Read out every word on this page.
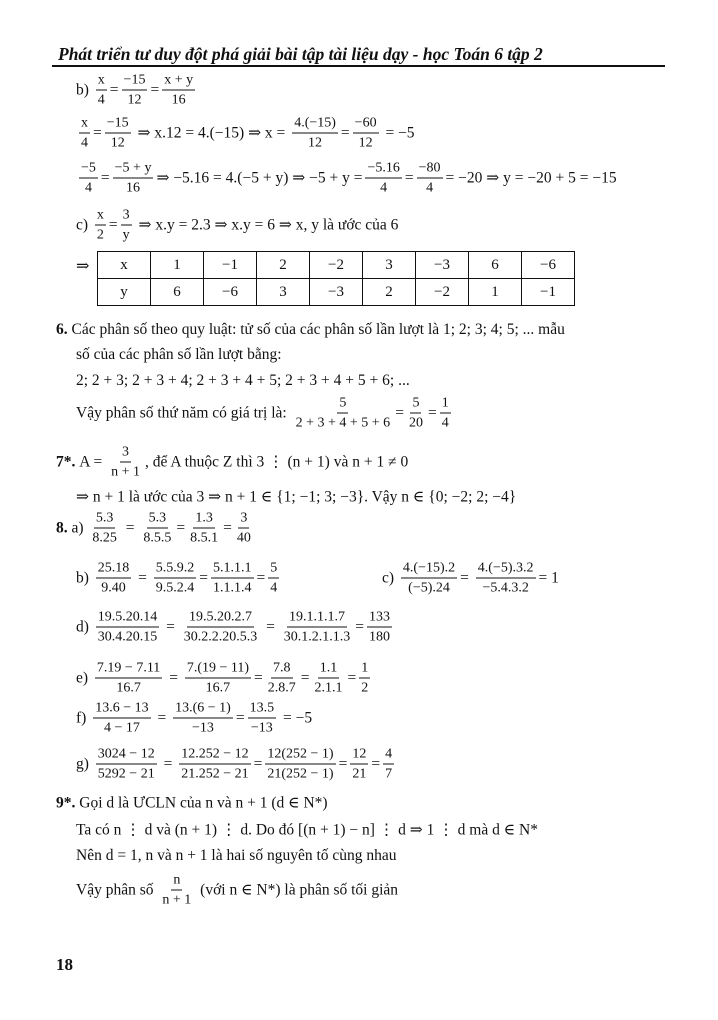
Phát triển tư duy đột phá giải bài tập tài liệu dạy - học Toán 6 tập 2
$b) \frac{x}{4} = \frac{-15}{12} = \frac{x + y}{16}$
$\frac{x}{4} = \frac{-15}{12}$ ⇒ x.12 = 4.(−15) ⇒ $x = \frac{4.(-15)}{12} = \frac{-60}{12} = -5$
$\frac{-5}{4} = \frac{-5 + y}{16}$ ⇒ −5.16 = 4.(−5 + y) ⇒ $-5 + y = \frac{-5.16}{4} = \frac{-80}{4} = -20$ ⇒ y = −20 + 5 = −15
$c) \frac{x}{2} = \frac{3}{y}$ ⇒ x.y = 2.3 ⇒ x.y = 6 ⇒ x, y là ước của 6
6. Các phân số theo quy luật: tử số của các phân số lần lượt là 1; 2; 3; 4; 5; ... mẫu
số của các phân số lần lượt bằng:
2; 2 + 3; 2 + 3 + 4; 2 + 3 + 4 + 5; 2 + 3 + 4 + 5 + 6; ...
Vậy phân số thứ năm có giá trị là: $\frac{5}{2 + 3 + 4 + 5 + 6} = \frac{5}{20} = \frac{1}{4}$
7*. $A = \frac{3}{n + 1}$ , để A thuộc Z thì 3 ⋮ (n + 1) và n + 1 ≠ 0
⇒ n + 1 là ước của 3 ⇒ n + 1 ∈ {1; −1; 3; −3}. Vậy n ∈ {0; −2; 2; −4}
8. $a) \frac{5.3}{8.25} = \frac{5.3}{8.5.5} = \frac{1.3}{8.5.1} = \frac{3}{40}$
$b) \frac{25.18}{9.40} = \frac{5.5.9.2}{9.5.2.4} = \frac{5.1.1.1}{1.1.1.4} = \frac{5}{4}$	$c) \frac{4.(-15).2}{(-5).24} = \frac{4.(-5).3.2}{-5.4.3.2} = 1$
$d) \frac{19.5.20.14}{30.4.20.15} = \frac{19.5.20.2.7}{30.2.2.20.5.3} = \frac{19.1.1.1.7}{30.1.2.1.1.3} = \frac{133}{180}$
$e) \frac{7.19 - 7.11}{16.7} = \frac{7.(19 - 11)}{16.7} = \frac{7.8}{2.8.7} = \frac{1.1}{2.1.1} = \frac{1}{2}$
$f) \frac{13.6 - 13}{4 - 17} = \frac{13.(6 - 1)}{-13} = \frac{13.5}{-13} = -5$
$g) \frac{3024 - 12}{5292 - 21} = \frac{12.252 - 12}{21.252 - 21} = \frac{12(252 - 1)}{21(252 - 1)} = \frac{12}{21} = \frac{4}{7}$
9*. Gọi d là ƯCLN của n và n + 1 (d ∈ N*)
Ta có n ⋮ d và (n + 1) ⋮ d. Do đó [(n + 1) − n] ⋮ d ⇒ 1 ⋮ d mà d ∈ N*
Nên d = 1, n và n + 1 là hai số nguyên tố cùng nhau
Vậy phân số $\frac{n}{n + 1}$ (với n ∈ N*) là phân số tối giản
⇒ x	1	−1	2	−2	3	−3	6	−6
y	6	−6	3	−3	2	−2	1	−1
18
